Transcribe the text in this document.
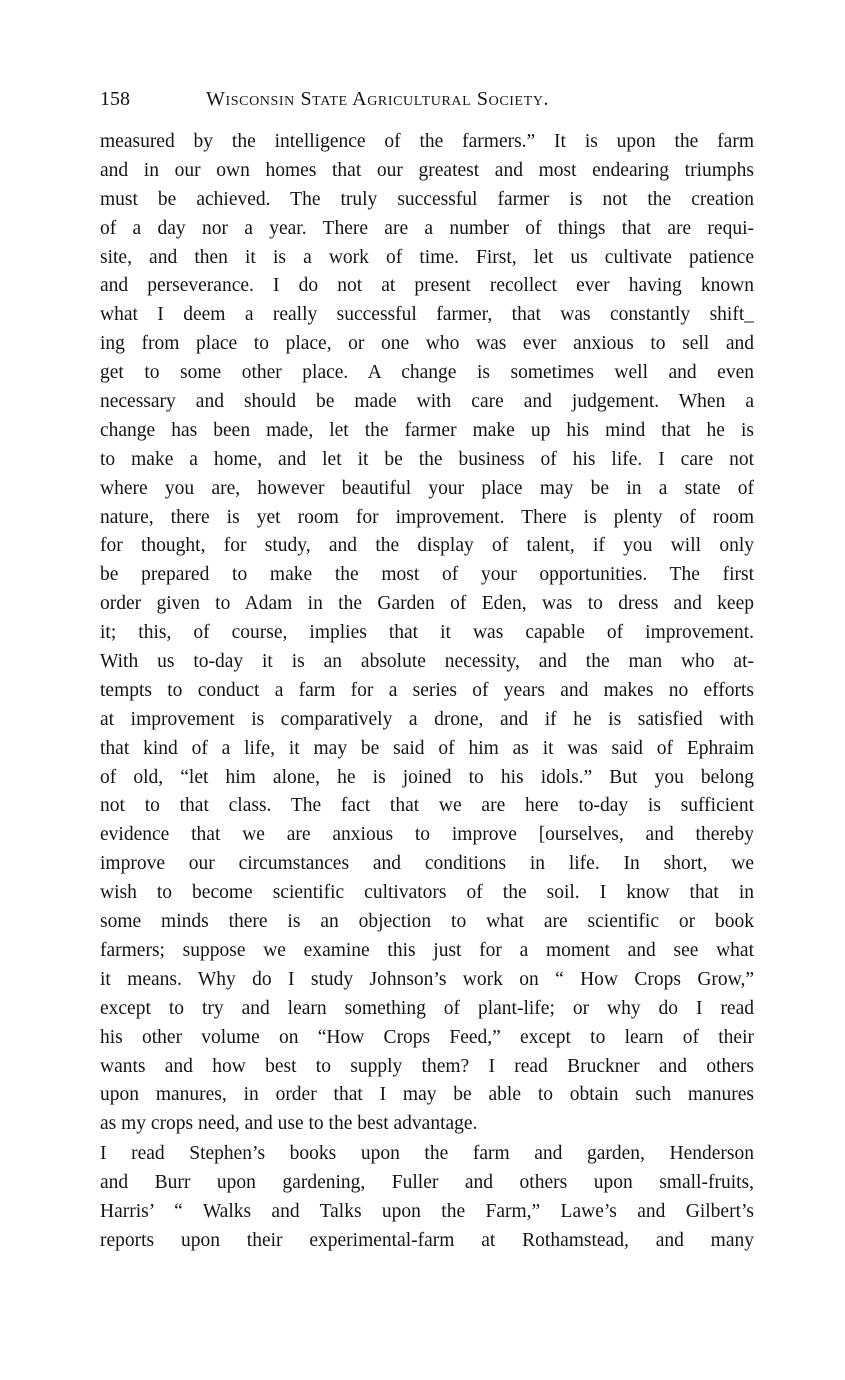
158	Wisconsin State Agricultural Society.
measured by the intelligence of the farmers.” It is upon the farm
and in our own homes that our greatest and most endearing triumphs
must be achieved. The truly successful farmer is not the creation
of a day nor a year. There are a number of things that are requi-
site, and then it is a work of time. First, let us cultivate patience
and perseverance. I do not at present recollect ever having known
what I deem a really successful farmer, that was constantly shift_
ing from place to place, or one who was ever anxious to sell and
get to some other place. A change is sometimes well and even
necessary and should be made with care and judgement. When a
change has been made, let the farmer make up his mind that he is
to make a home, and let it be the business of his life. I care not
where you are, however beautiful your place may be in a state of
nature, there is yet room for improvement. There is plenty of room
for thought, for study, and the display of talent, if you will only
be prepared to make the most of your opportunities. The first
order given to Adam in the Garden of Eden, was to dress and keep
it; this, of course, implies that it was capable of improvement.
With us to-day it is an absolute necessity, and the man who at-
tempts to conduct a farm for a series of years and makes no efforts
at improvement is comparatively a drone, and if he is satisfied with
that kind of a life, it may be said of him as it was said of Ephraim
of old, “let him alone, he is joined to his idols.” But you belong
not to that class. The fact that we are here to-day is sufficient
evidence that we are anxious to improve [ourselves, and thereby
improve our circumstances and conditions in life. In short, we
wish to become scientific cultivators of the soil. I know that in
some minds there is an objection to what are scientific or book
farmers; suppose we examine this just for a moment and see what
it means. Why do I study Johnson’s work on “ How Crops Grow,”
except to try and learn something of plant-life; or why do I read
his other volume on “How Crops Feed,” except to learn of their
wants and how best to supply them? I read Bruckner and others
upon manures, in order that I may be able to obtain such manures
as my crops need, and use to the best advantage.
I read Stephen’s books upon the farm and garden, Henderson
and Burr upon gardening, Fuller and others upon small-fruits,
Harris’ “ Walks and Talks upon the Farm,” Lawe’s and Gilbert’s
reports upon their experimental-farm at Rothamstead, and many
